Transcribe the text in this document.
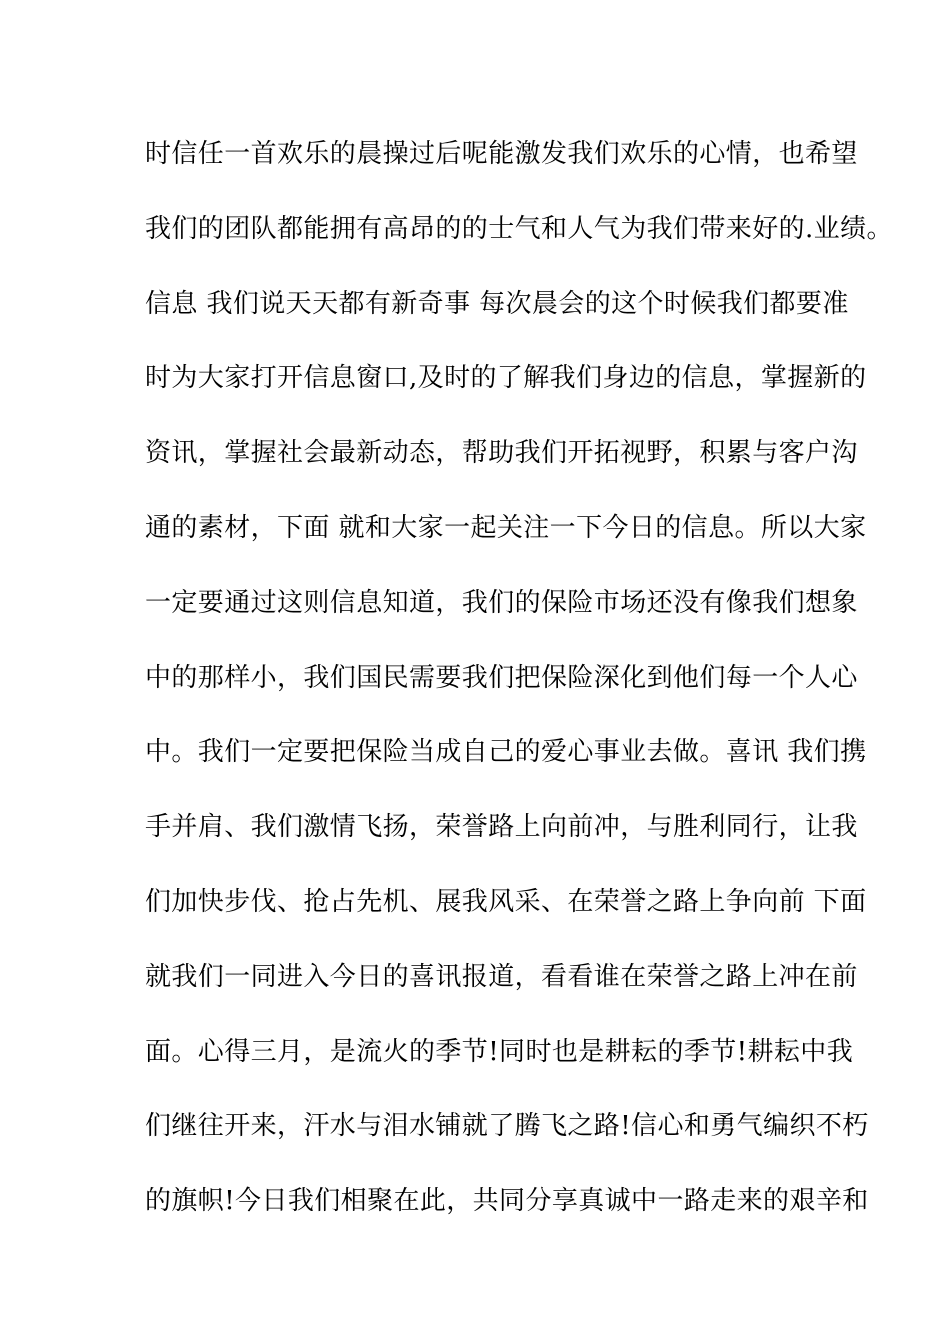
时信任一首欢乐的晨操过后呢能激发我们欢乐的心情，也希望
我们的团队都能拥有高昂的的士气和人气为我们带来好的.业绩。
信息 我们说天天都有新奇事 每次晨会的这个时候我们都要准
时为大家打开信息窗口,及时的了解我们身边的信息，掌握新的
资讯，掌握社会最新动态，帮助我们开拓视野，积累与客户沟
通的素材，下面 就和大家一起关注一下今日的信息。所以大家
一定要通过这则信息知道，我们的保险市场还没有像我们想象
中的那样小，我们国民需要我们把保险深化到他们每一个人心
中。我们一定要把保险当成自己的爱心事业去做。喜讯 我们携
手并肩、我们激情飞扬，荣誉路上向前冲，与胜利同行，让我
们加快步伐、抢占先机、展我风采、在荣誉之路上争向前 下面
就我们一同进入今日的喜讯报道，看看谁在荣誉之路上冲在前
面。心得三月，是流火的季节!同时也是耕耘的季节!耕耘中我
们继往开来，汗水与泪水铺就了腾飞之路!信心和勇气编织不朽
的旗帜!今日我们相聚在此，共同分享真诚中一路走来的艰辛和
